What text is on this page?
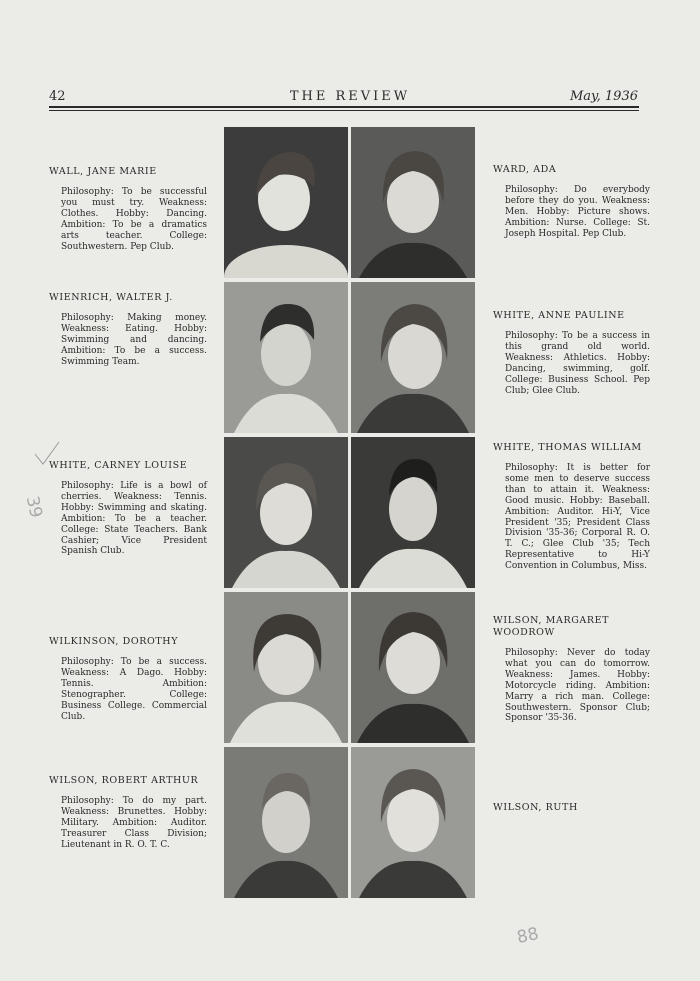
42	THE REVIEW	May, 1936
WALL, JANE MARIE
Philosophy: To be successful you must try. Weakness: Clothes. Hobby: Dancing. Ambition: To be a dramatics arts teacher. College: Southwestern. Pep Club.
WIENRICH, WALTER J.
Philosophy: Making money. Weakness: Eating. Hobby: Swimming and dancing. Ambition: To be a success. Swimming Team.
WHITE, CARNEY LOUISE
Philosophy: Life is a bowl of cherries. Weakness: Tennis. Hobby: Swimming and skating. Ambition: To be a teacher. College: State Teachers. Bank Cashier; Vice President Spanish Club.
WILKINSON, DOROTHY
Philosophy: To be a success. Weakness: A Dago. Hobby: Tennis. Ambition: Stenographer. College: Business College. Commercial Club.
WILSON, ROBERT ARTHUR
Philosophy: To do my part. Weakness: Brunettes. Hobby: Military. Ambition: Auditor. Treasurer Class Division; Lieutenant in R. O. T. C.
WARD, ADA
Philosophy: Do everybody before they do you. Weakness: Men. Hobby: Picture shows. Ambition: Nurse. College: St. Joseph Hospital. Pep Club.
WHITE, ANNE PAULINE
Philosophy: To be a success in this grand old world. Weakness: Athletics. Hobby: Dancing, swimming, golf. College: Business School. Pep Club; Glee Club.
WHITE, THOMAS WILLIAM
Philosophy: It is better for some men to deserve success than to attain it. Weakness: Good music. Hobby: Baseball. Ambition: Auditor. Hi-Y, Vice President '35; President Class Division '35-36; Corporal R. O. T. C.; Glee Club '35; Tech Representative to Hi-Y Convention in Columbus, Miss.
WILSON, MARGARET WOODROW
Philosophy: Never do today what you can do tomorrow. Weakness: James. Hobby: Motorcycle riding. Ambition: Marry a rich man. College: Southwestern. Sponsor Club; Sponsor '35-36.
WILSON, RUTH
39
88
